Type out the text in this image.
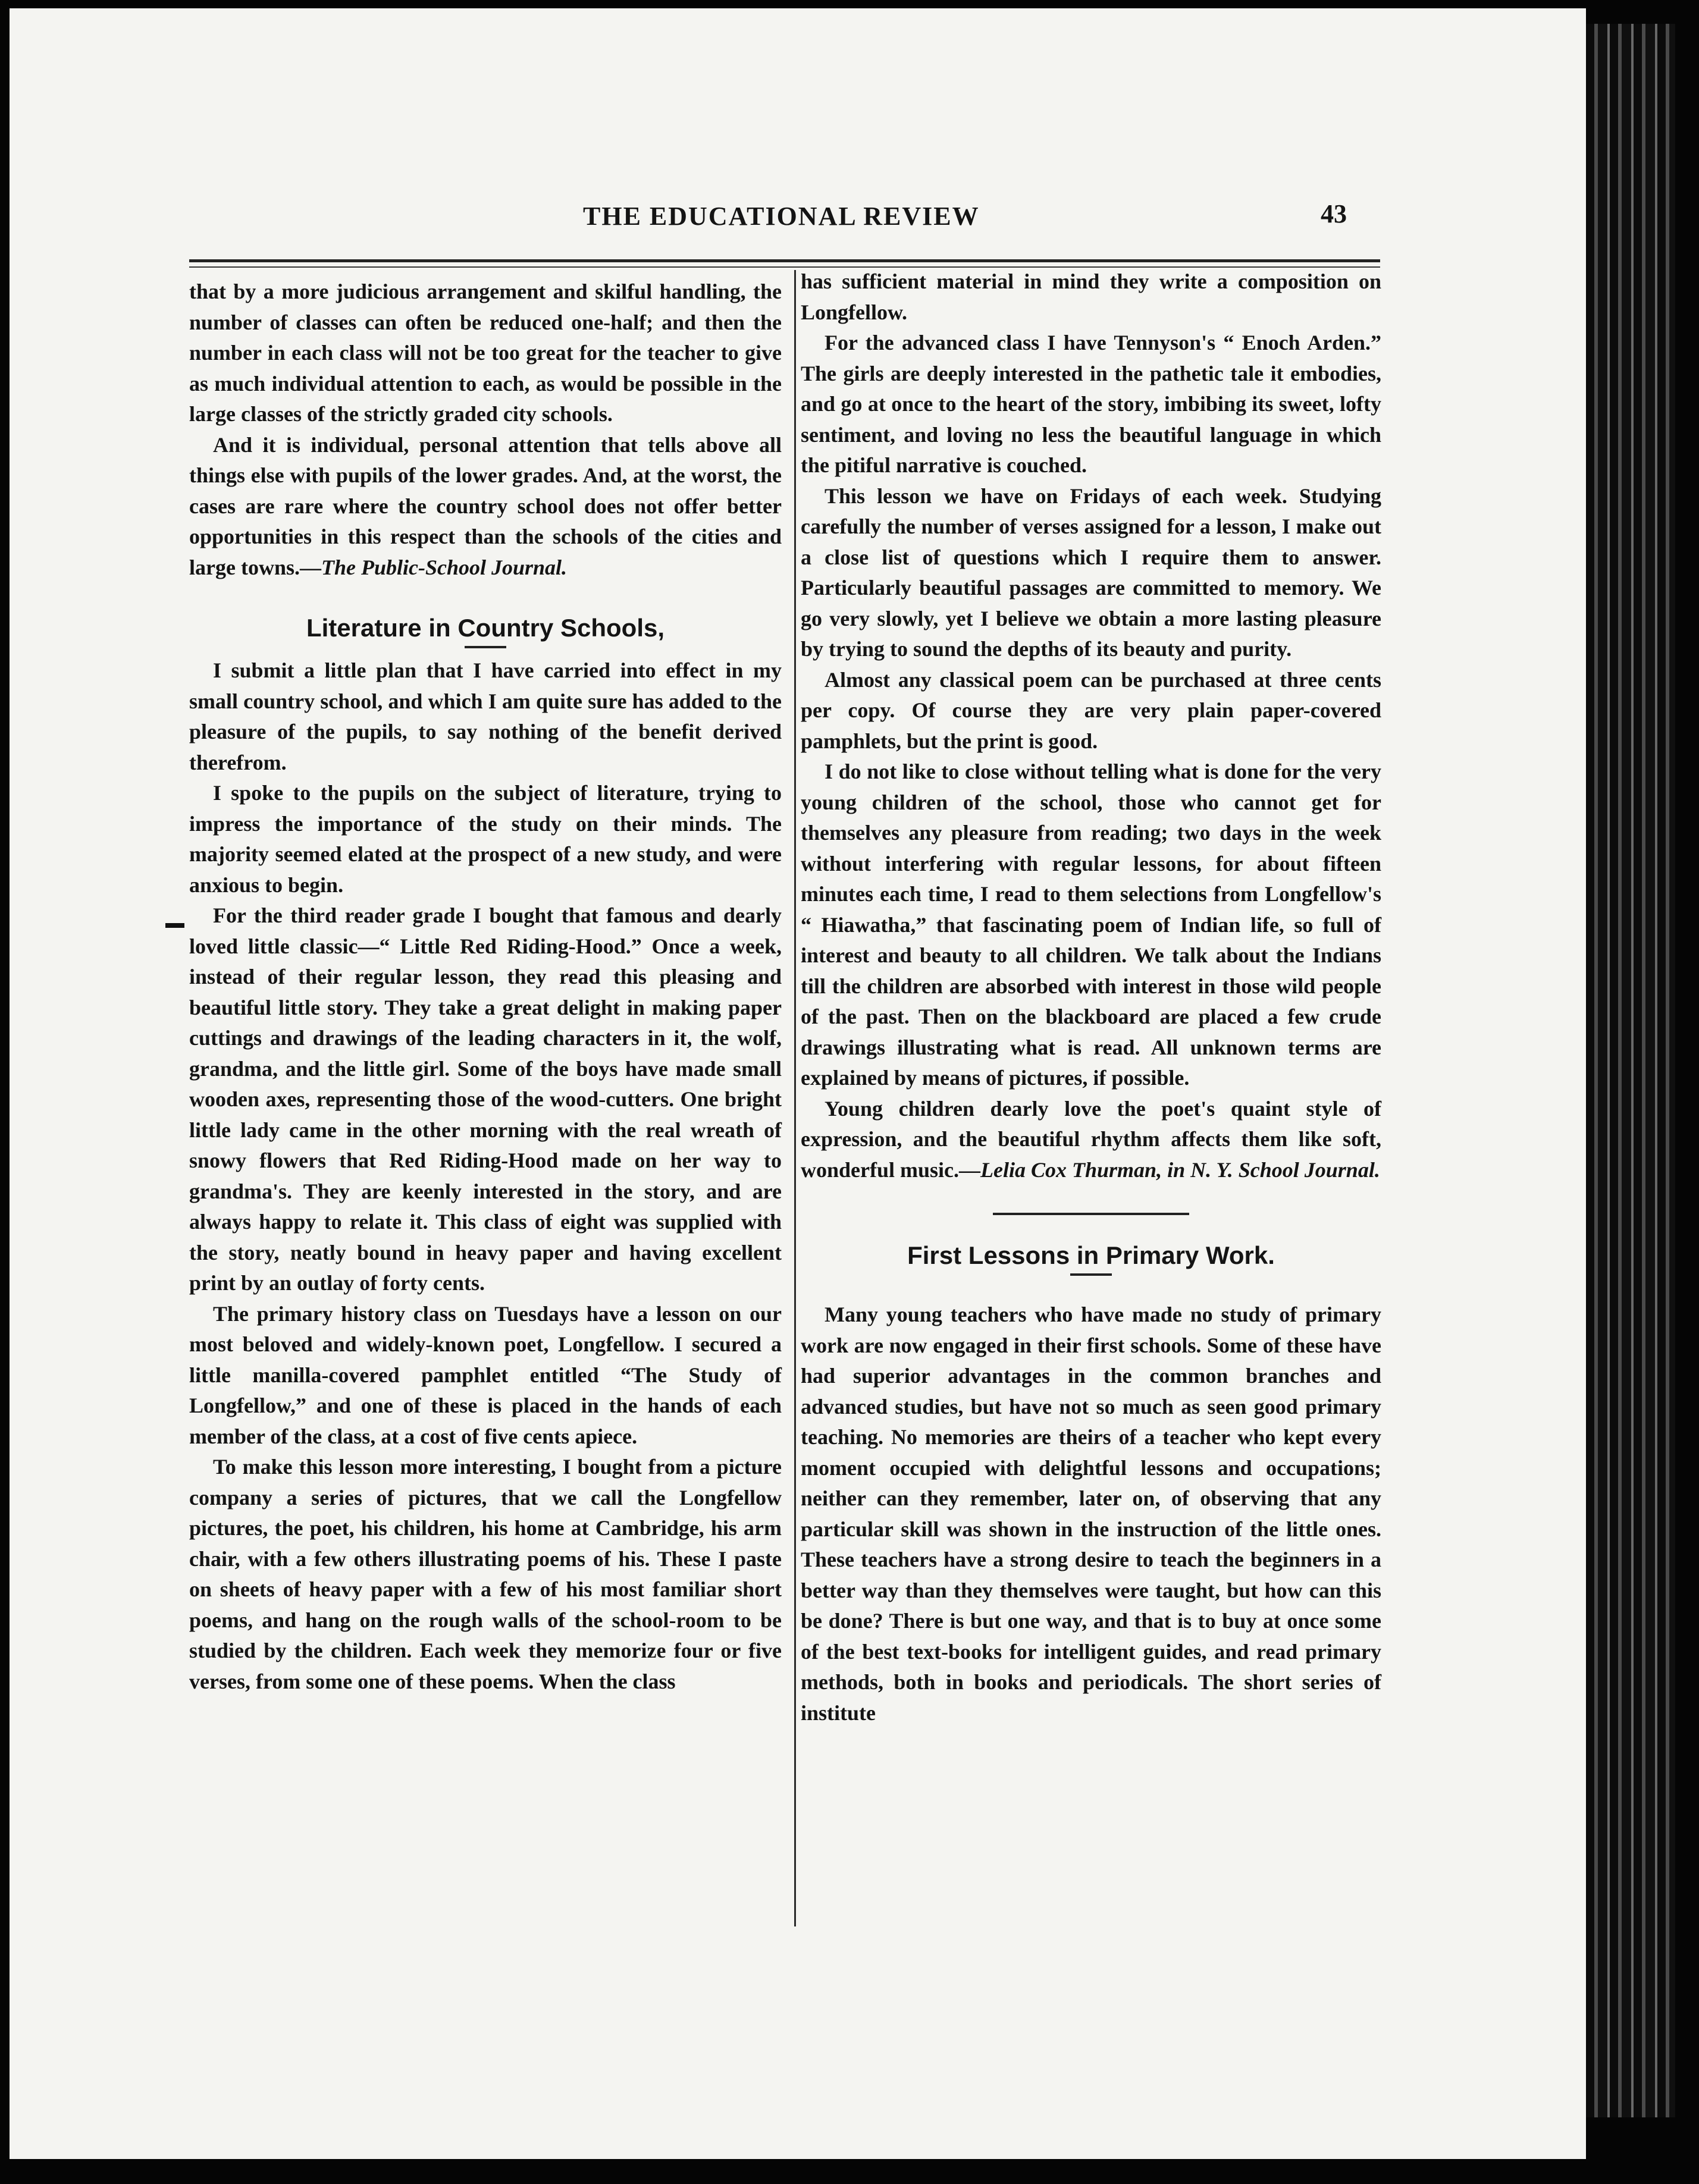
THE EDUCATIONAL REVIEW	43

that by a more judicious arrangement and skilful handling, the number of classes can often be reduced one-half; and then the number in each class will not be too great for the teacher to give as much individual attention to each, as would be possible in the large classes of the strictly graded city schools.

And it is individual, personal attention that tells above all things else with pupils of the lower grades. And, at the worst, the cases are rare where the country school does not offer better opportunities in this respect than the schools of the cities and large towns.—The Public-School Journal.

Literature in Country Schools,

I submit a little plan that I have carried into effect in my small country school, and which I am quite sure has added to the pleasure of the pupils, to say nothing of the benefit derived therefrom.

I spoke to the pupils on the subject of literature, trying to impress the importance of the study on their minds. The majority seemed elated at the prospect of a new study, and were anxious to begin.

For the third reader grade I bought that famous and dearly loved little classic—“ Little Red Riding-Hood.” Once a week, instead of their regular lesson, they read this pleasing and beautiful little story. They take a great delight in making paper cuttings and drawings of the leading characters in it, the wolf, grandma, and the little girl. Some of the boys have made small wooden axes, representing those of the wood-cutters. One bright little lady came in the other morning with the real wreath of snowy flowers that Red Riding-Hood made on her way to grandma's. They are keenly interested in the story, and are always happy to relate it. This class of eight was supplied with the story, neatly bound in heavy paper and having excellent print by an outlay of forty cents.

The primary history class on Tuesdays have a lesson on our most beloved and widely-known poet, Longfellow. I secured a little manilla-covered pamphlet entitled “The Study of Longfellow,” and one of these is placed in the hands of each member of the class, at a cost of five cents apiece.

To make this lesson more interesting, I bought from a picture company a series of pictures, that we call the Longfellow pictures, the poet, his children, his home at Cambridge, his arm chair, with a few others illustrating poems of his. These I paste on sheets of heavy paper with a few of his most familiar short poems, and hang on the rough walls of the school-room to be studied by the children. Each week they memorize four or five verses, from some one of these poems. When the class

has sufficient material in mind they write a composition on Longfellow.

For the advanced class I have Tennyson's “ Enoch Arden.” The girls are deeply interested in the pathetic tale it embodies, and go at once to the heart of the story, imbibing its sweet, lofty sentiment, and loving no less the beautiful language in which the pitiful narrative is couched.

This lesson we have on Fridays of each week. Studying carefully the number of verses assigned for a lesson, I make out a close list of questions which I require them to answer. Particularly beautiful passages are committed to memory. We go very slowly, yet I believe we obtain a more lasting pleasure by trying to sound the depths of its beauty and purity.

Almost any classical poem can be purchased at three cents per copy. Of course they are very plain paper-covered pamphlets, but the print is good.

I do not like to close without telling what is done for the very young children of the school, those who cannot get for themselves any pleasure from reading; two days in the week without interfering with regular lessons, for about fifteen minutes each time, I read to them selections from Longfellow's “ Hiawatha,” that fascinating poem of Indian life, so full of interest and beauty to all children. We talk about the Indians till the children are absorbed with interest in those wild people of the past. Then on the blackboard are placed a few crude drawings illustrating what is read. All unknown terms are explained by means of pictures, if possible.

Young children dearly love the poet's quaint style of expression, and the beautiful rhythm affects them like soft, wonderful music.—Lelia Cox Thurman, in N. Y. School Journal.

First Lessons in Primary Work.

Many young teachers who have made no study of primary work are now engaged in their first schools. Some of these have had superior advantages in the common branches and advanced studies, but have not so much as seen good primary teaching. No memories are theirs of a teacher who kept every moment occupied with delightful lessons and occupations; neither can they remember, later on, of observing that any particular skill was shown in the instruction of the little ones. These teachers have a strong desire to teach the beginners in a better way than they themselves were taught, but how can this be done? There is but one way, and that is to buy at once some of the best text-books for intelligent guides, and read primary methods, both in books and periodicals. The short series of institute
